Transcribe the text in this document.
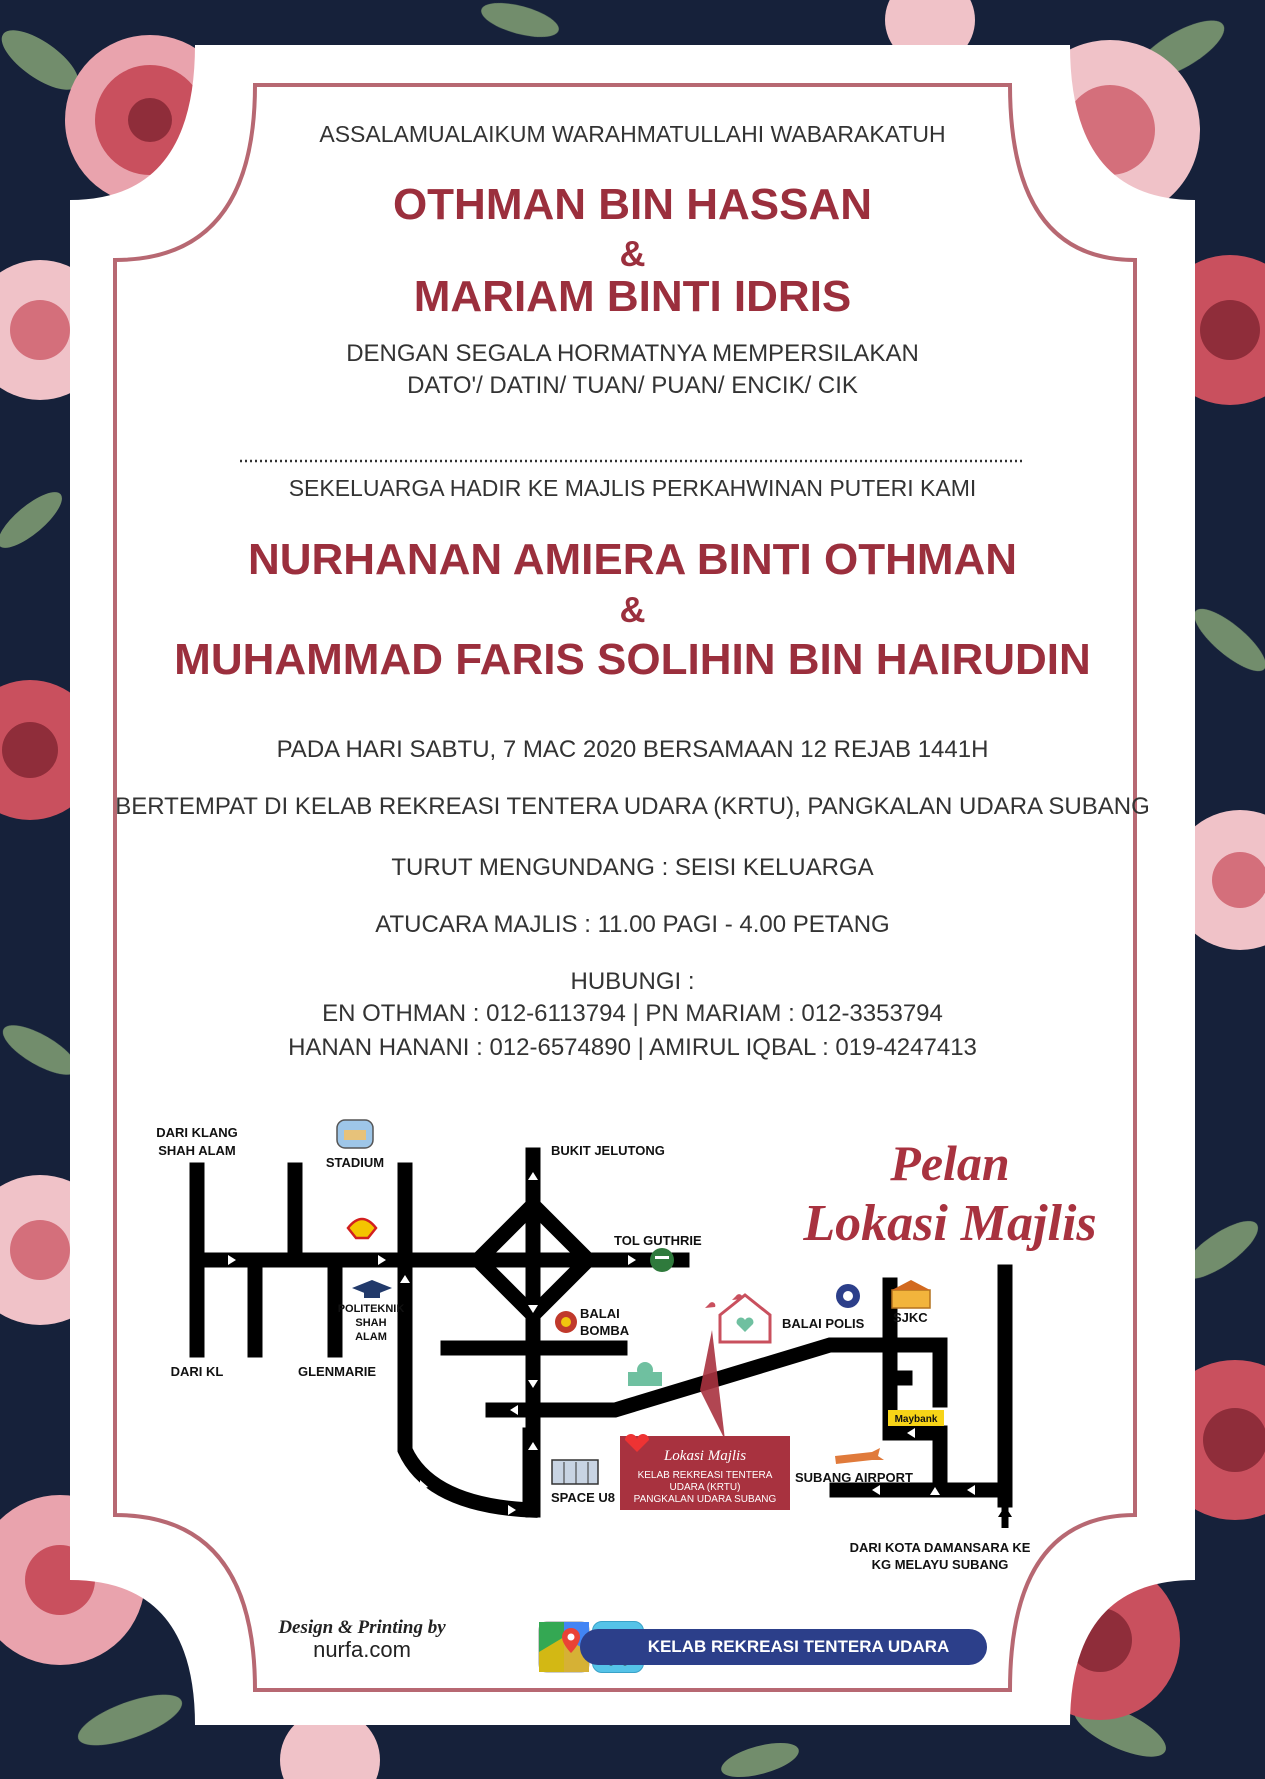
ASSALAMUALAIKUM WARAHMATULLAHI WABARAKATUH
OTHMAN BIN HASSAN
&
MARIAM BINTI IDRIS
DENGAN SEGALA HORMATNYA MEMPERSILAKAN
DATO'/ DATIN/ TUAN/ PUAN/ ENCIK/ CIK
SEKELUARGA HADIR KE MAJLIS PERKAHWINAN PUTERI KAMI
NURHANAN AMIERA BINTI OTHMAN
&
MUHAMMAD FARIS SOLIHIN BIN HAIRUDIN
PADA HARI SABTU, 7 MAC 2020 BERSAMAAN 12 REJAB 1441H
BERTEMPAT DI KELAB REKREASI TENTERA UDARA (KRTU), PANGKALAN UDARA SUBANG
TURUT MENGUNDANG : SEISI KELUARGA
ATUCARA MAJLIS : 11.00 PAGI - 4.00 PETANG
HUBUNGI :
EN OTHMAN : 012-6113794 | PN MARIAM : 012-3353794
HANAN HANANI : 012-6574890 | AMIRUL IQBAL : 019-4247413
Maybank
Lokasi Majlis
KELAB REKREASI TENTERA
UDARA (KRTU)
PANGKALAN UDARA SUBANG
DARI KLANG
SHAH ALAM
STADIUM
BUKIT JELUTONG
TOL GUTHRIE
POLITEKNIK
SHAH
ALAM
BALAI
BOMBA	BALAI POLIS SJKC
DARI KL	GLENMARIE
SUBANG AIRPORT
SPACE U8
DARI KOTA DAMANSARA KE
KG MELAYU SUBANG
Pelan
Lokasi Majlis
Design & Printing by
nurfa.com	KELAB REKREASI TENTERA UDARA SUBANG
